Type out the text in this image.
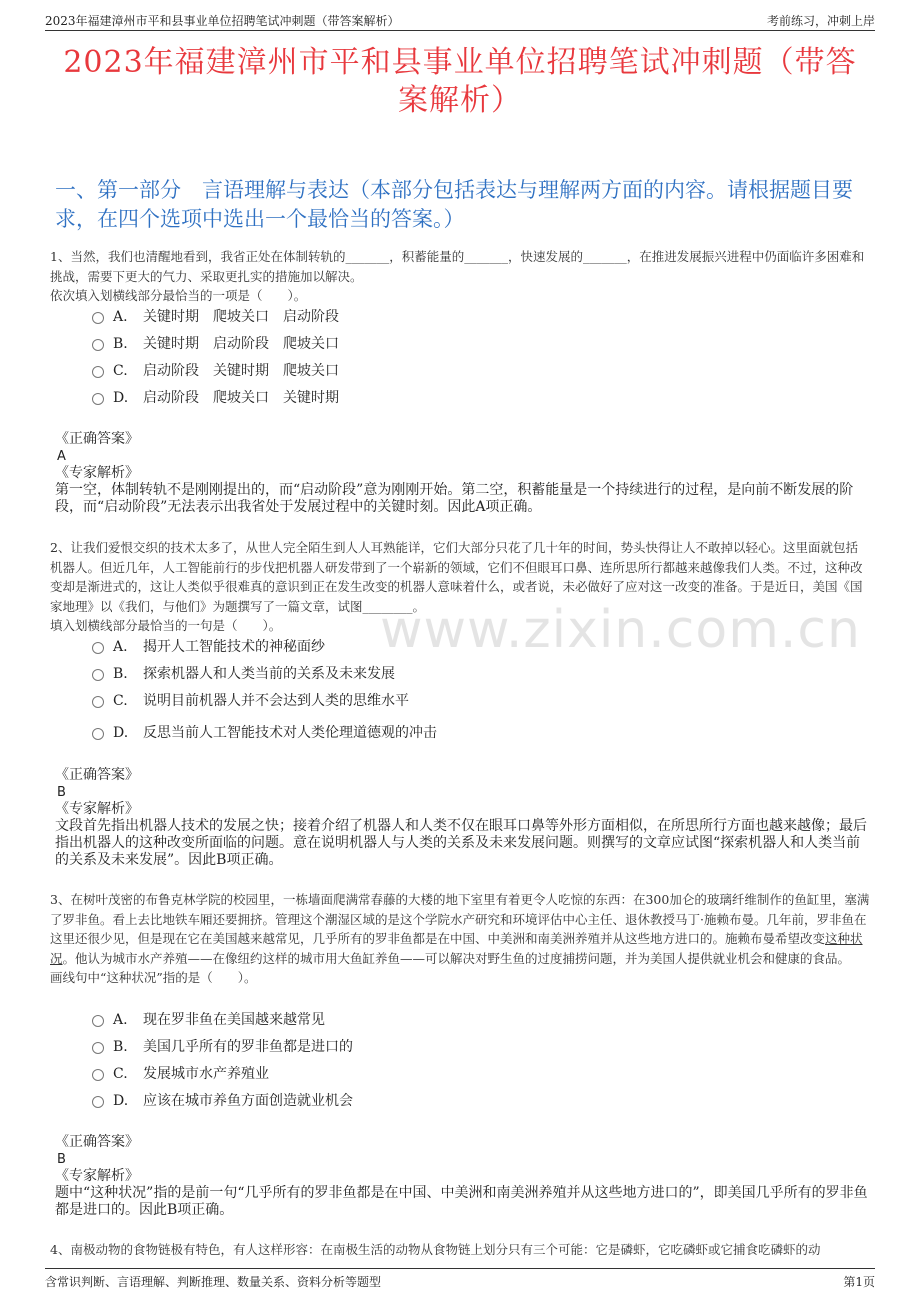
2023年福建漳州市平和县事业单位招聘笔试冲刺题（带答案解析）	考前练习，冲刺上岸
2023年福建漳州市平和县事业单位招聘笔试冲刺题（带答案解析）
一、第一部分　言语理解与表达（本部分包括表达与理解两方面的内容。请根据题目要求，在四个选项中选出一个最恰当的答案。）
www.zixin.com.cn
1、当然，我们也清醒地看到，我省正处在体制转轨的_______，积蓄能量的_______，快速发展的_______，在推进发展振兴进程中仍面临许多困难和挑战，需要下更大的气力、采取更扎实的措施加以解决。
依次填入划横线部分最恰当的一项是（　　）。
A. 关键时期　爬坡关口　启动阶段
B. 关键时期　启动阶段　爬坡关口
C. 启动阶段　关键时期　爬坡关口
D. 启动阶段　爬坡关口　关键时期
《正确答案》
A
《专家解析》
第一空，体制转轨不是刚刚提出的，而“启动阶段”意为刚刚开始。第二空，积蓄能量是一个持续进行的过程，是向前不断发展的阶段，而“启动阶段”无法表示出我省处于发展过程中的关键时刻。因此A项正确。
2、让我们爱恨交织的技术太多了，从世人完全陌生到人人耳熟能详，它们大部分只花了几十年的时间，势头快得让人不敢掉以轻心。这里面就包括机器人。但近几年，人工智能前行的步伐把机器人研发带到了一个崭新的领域，它们不但眼耳口鼻、连所思所行都越来越像我们人类。不过，这种改变却是渐进式的，这让人类似乎很难真的意识到正在发生改变的机器人意味着什么，或者说，未必做好了应对这一改变的准备。于是近日，美国《国家地理》以《我们，与他们》为题撰写了一篇文章，试图________。
填入划横线部分最恰当的一句是（　　）。
A. 揭开人工智能技术的神秘面纱
B. 探索机器人和人类当前的关系及未来发展
C. 说明目前机器人并不会达到人类的思维水平
D. 反思当前人工智能技术对人类伦理道德观的冲击
《正确答案》
B
《专家解析》
文段首先指出机器人技术的发展之快；接着介绍了机器人和人类不仅在眼耳口鼻等外形方面相似，在所思所行方面也越来越像；最后指出机器人的这种改变所面临的问题。意在说明机器人与人类的关系及未来发展问题。则撰写的文章应试图“探索机器人和人类当前的关系及未来发展”。因此B项正确。
3、在树叶茂密的布鲁克林学院的校园里，一栋墙面爬满常春藤的大楼的地下室里有着更令人吃惊的东西：在300加仑的玻璃纤维制作的鱼缸里，塞满了罗非鱼。看上去比地铁车厢还要拥挤。管理这个潮湿区域的是这个学院水产研究和环境评估中心主任、退休教授马丁·施赖布曼。几年前，罗非鱼在这里还很少见，但是现在它在美国越来越常见，几乎所有的罗非鱼都是在中国、中美洲和南美洲养殖并从这些地方进口的。施赖布曼希望改变这种状况。他认为城市水产养殖——在像纽约这样的城市用大鱼缸养鱼——可以解决对野生鱼的过度捕捞问题，并为美国人提供就业机会和健康的食品。
画线句中“这种状况”指的是（　　）。
A. 现在罗非鱼在美国越来越常见
B. 美国几乎所有的罗非鱼都是进口的
C. 发展城市水产养殖业
D. 应该在城市养鱼方面创造就业机会
《正确答案》
B
《专家解析》
题中“这种状况”指的是前一句“几乎所有的罗非鱼都是在中国、中美洲和南美洲养殖并从这些地方进口的”，即美国几乎所有的罗非鱼都是进口的。因此B项正确。
4、南极动物的食物链极有特色，有人这样形容：在南极生活的动物从食物链上划分只有三个可能：它是磷虾，它吃磷虾或它捕食吃磷虾的动
含常识判断、言语理解、判断推理、数量关系、资料分析等题型	第1页
